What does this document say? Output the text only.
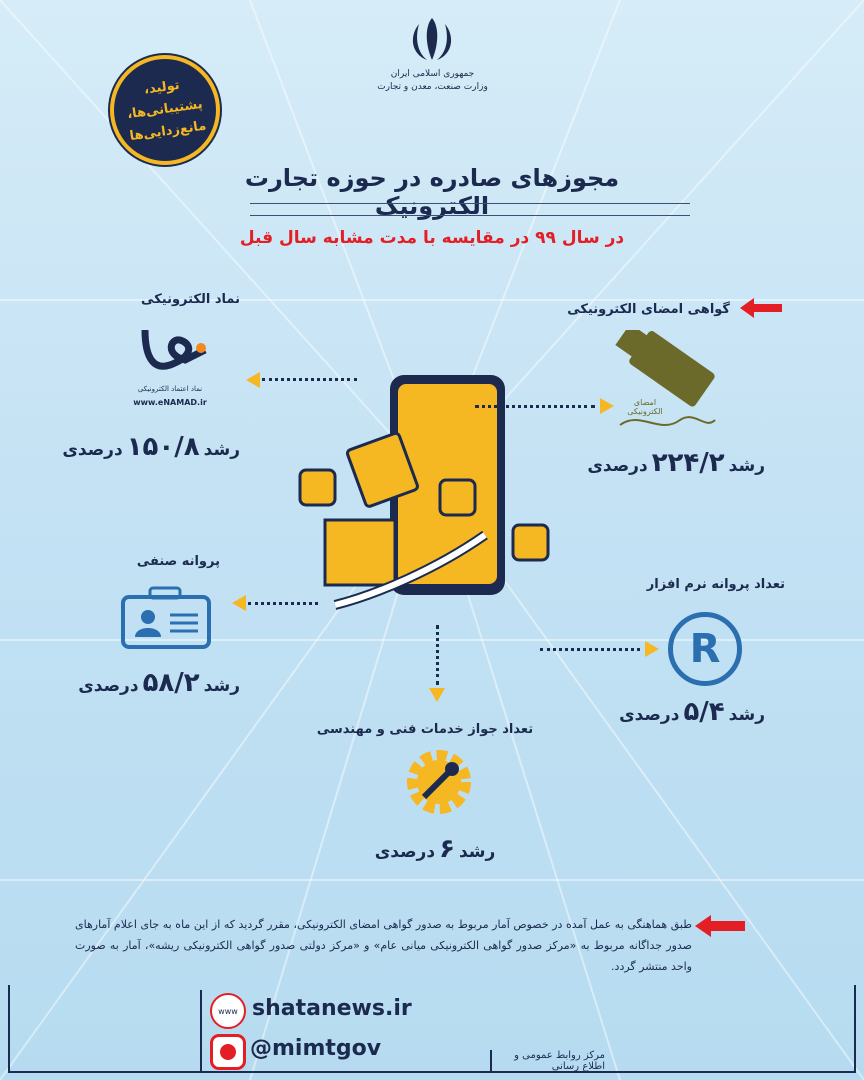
جمهوری اسلامی ایران
وزارت صنعت، معدن و تجارت
تولید، پشتیبانی‌ها، مانع‌زدایی‌ها
مجوزهای صادره در حوزه تجارت الکترونیک
در سال ۹۹ در مقایسه با مدت مشابه سال قبل
گواهی امضای الکترونیکی
امضای الکترونیکی
رشد۲۲۴/۲درصدی
نماد الکترونیکی
نماد اعتماد الکترونیکی
www.eNAMAD.ir
رشد۱۵۰/۸درصدی
پروانه صنفی
رشد۵۸/۲درصدی
تعداد پروانه نرم افزار
R
رشد۵/۴درصدی
تعداد جواز خدمات فنی و مهندسی
رشد۶درصدی
طبق هماهنگی به عمل آمده در خصوص آمار مربوط به صدور گواهی امضای الکترونیکی، مقرر گردید که از این ماه به جای اعلام آمارهای صدور جداگانه مربوط به «مرکز صدور گواهی الکترونیکی میانی عام» و «مرکز دولتی صدور گواهی الکترونیکی ریشه»، آمار به صورت واحد منتشر گردد.
www shatanews.ir
@mimtgov	مرکز روابط عمومی و اطلاع رسانی
